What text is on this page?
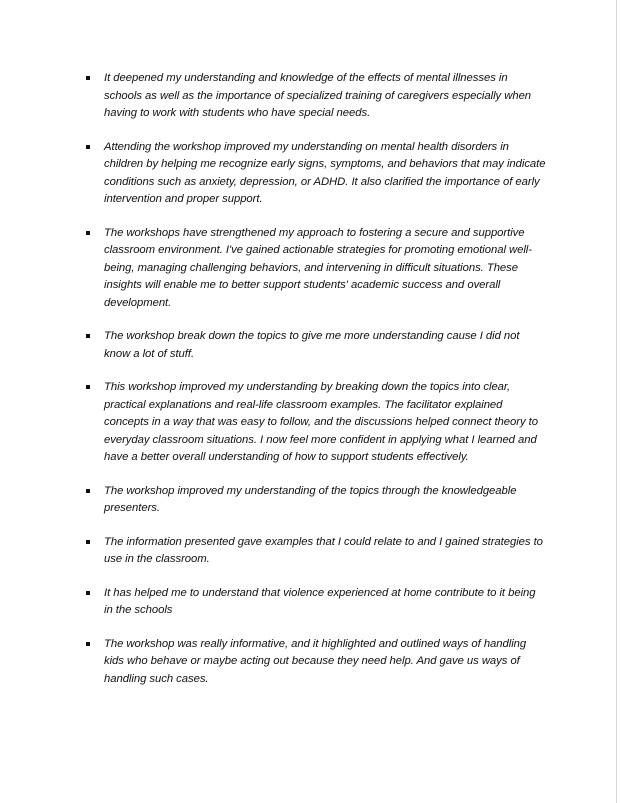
It deepened my understanding and knowledge of the effects of mental illnesses in schools as well as the importance of specialized training of caregivers especially when having to work with students who have special needs.
Attending the workshop improved my understanding on mental health disorders in children by helping me recognize early signs, symptoms, and behaviors that may indicate conditions such as anxiety, depression, or ADHD. It also clarified the importance of early intervention and proper support.
The workshops have strengthened my approach to fostering a secure and supportive classroom environment. I've gained actionable strategies for promoting emotional well-being, managing challenging behaviors, and intervening in difficult situations. These insights will enable me to better support students' academic success and overall development.
The workshop break down the topics to give me more understanding cause I did not know a lot of stuff.
This workshop improved my understanding by breaking down the topics into clear, practical explanations and real-life classroom examples. The facilitator explained concepts in a way that was easy to follow, and the discussions helped connect theory to everyday classroom situations. I now feel more confident in applying what I learned and have a better overall understanding of how to support students effectively.
The workshop improved my understanding of the topics through the knowledgeable presenters.
The information presented gave examples that I could relate to and I gained strategies to use in the classroom.
It has helped me to understand that violence experienced at home contribute to it being in the schools
The workshop was really informative, and it highlighted and outlined ways of handling kids who behave or maybe acting out because they need help. And gave us ways of handling such cases.
